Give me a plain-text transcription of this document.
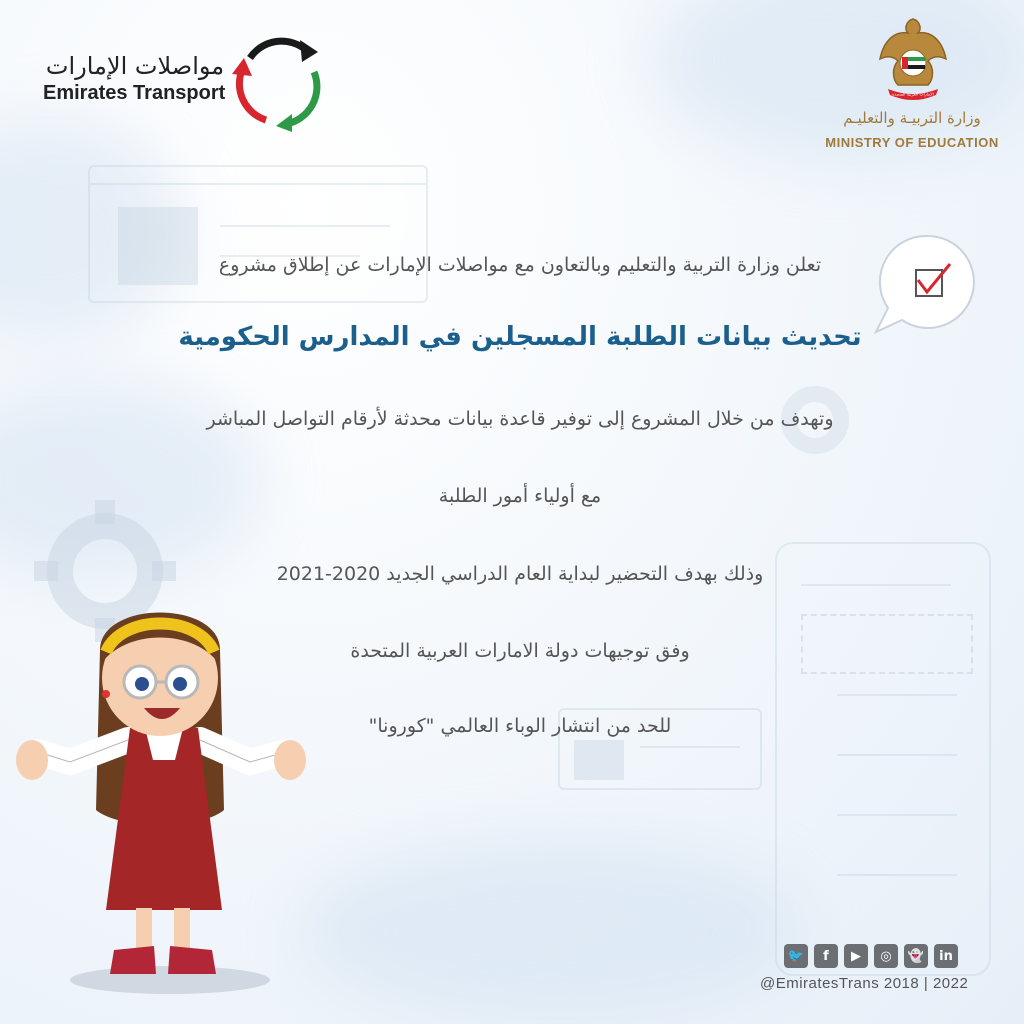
مواصلات الإمارات
Emirates Transport	الإمارات العربية المتحدة
وزارة التربيـة والتعليـم
MINISTRY OF EDUCATION
تعلن وزارة التربية والتعليم وبالتعاون مع مواصلات الإمارات عن إطلاق مشروع
تحديث بيانات الطلبة المسجلين في المدارس الحكومية
وتهدف من خلال المشروع إلى توفير قاعدة بيانات محدثة لأرقام التواصل المباشر
مع أولياء أمور الطلبة
وذلك بهدف التحضير لبداية العام الدراسي الجديد 2020-2021
وفق توجيهات دولة الامارات العربية المتحدة
للحد من انتشار الوباء العالمي "كورونا"
🐦	f	▶	◎	👻	in
@EmiratesTrans 2018 | 2022
